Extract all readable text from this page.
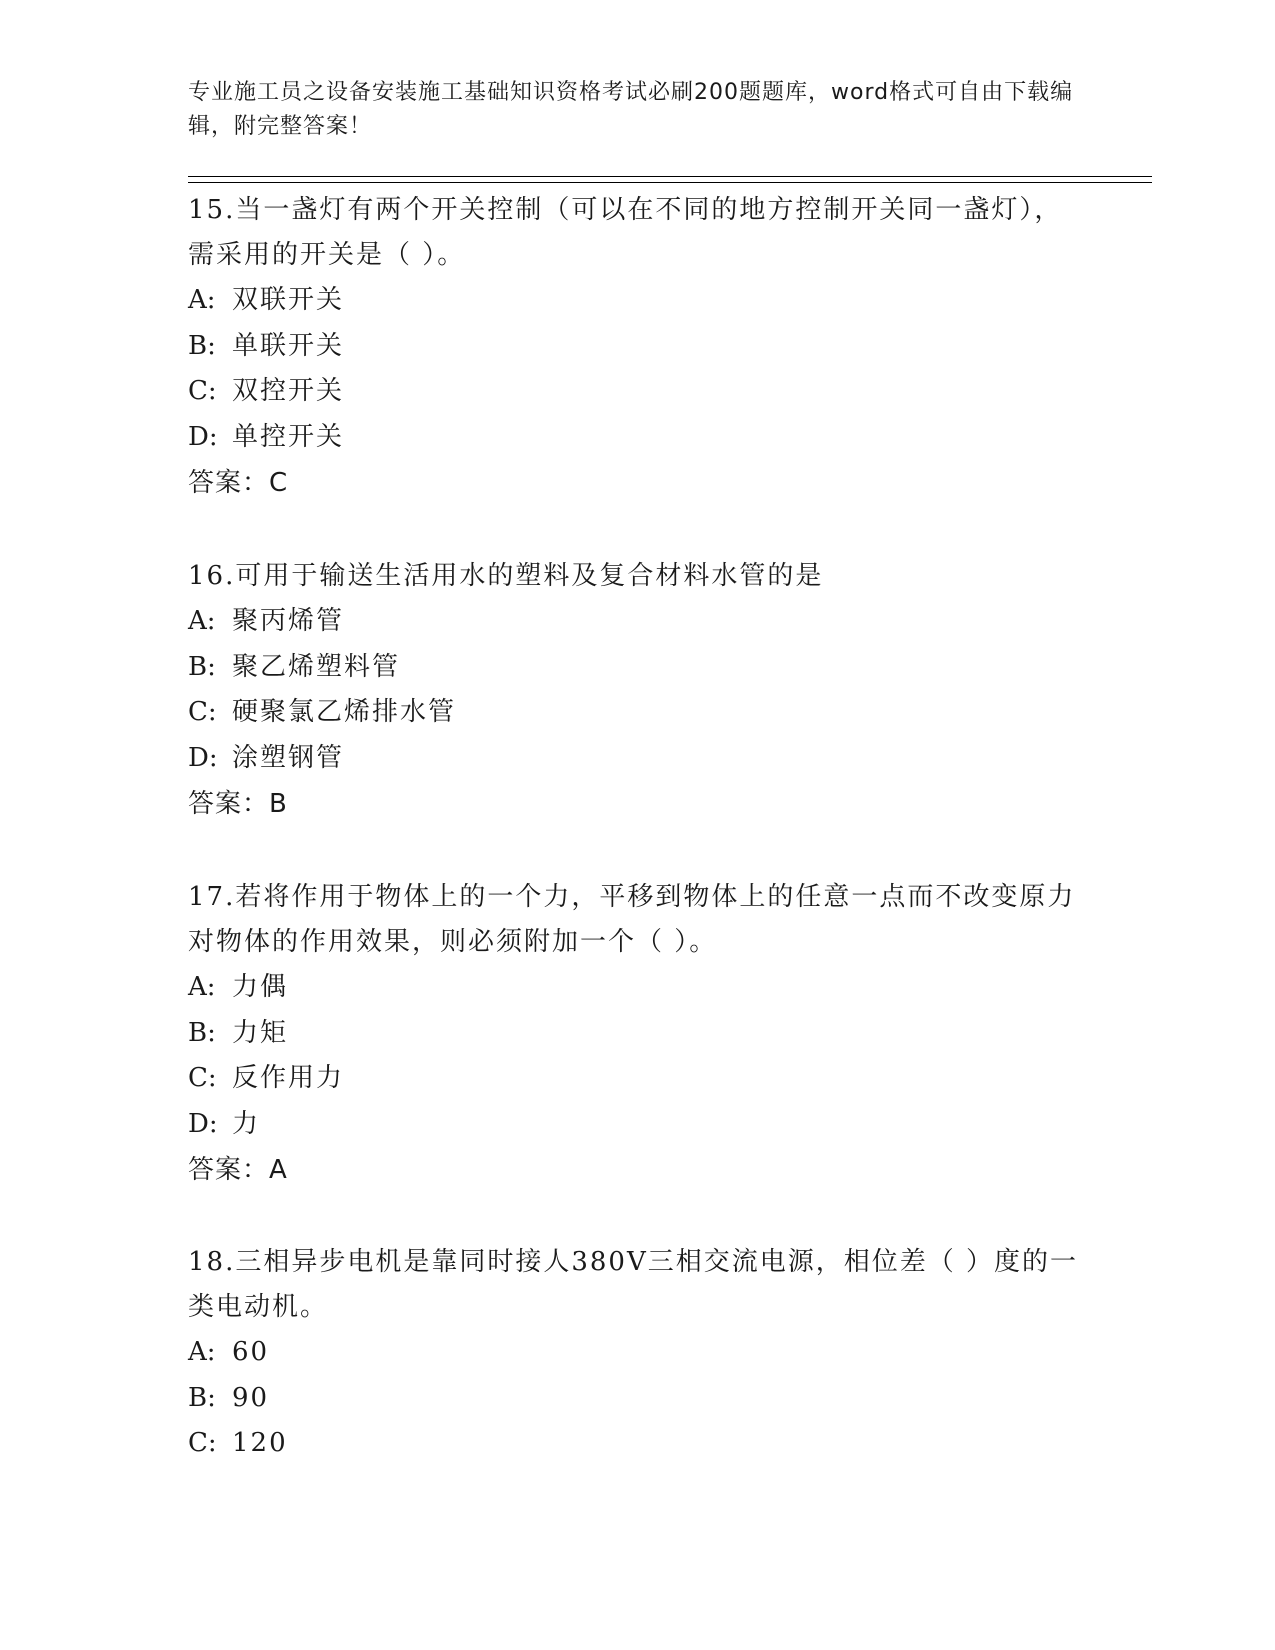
专业施工员之设备安装施工基础知识资格考试必刷200题题库，word格式可自由下载编辑，附完整答案！

15.当一盏灯有两个开关控制（可以在不同的地方控制开关同一盏灯），需采用的开关是（ ）。

A: 双联开关
B: 单联开关
C: 双控开关
D: 单控开关
答案：C

16.可用于输送生活用水的塑料及复合材料水管的是

A: 聚丙烯管
B: 聚乙烯塑料管
C: 硬聚氯乙烯排水管
D: 涂塑钢管
答案：B

17.若将作用于物体上的一个力，平移到物体上的任意一点而不改变原力对物体的作用效果，则必须附加一个（ ）。

A: 力偶
B: 力矩
C: 反作用力
D: 力
答案：A

18.三相异步电机是靠同时接人380V三相交流电源，相位差（ ）度的一类电动机。

A: 60
B: 90
C: 120
